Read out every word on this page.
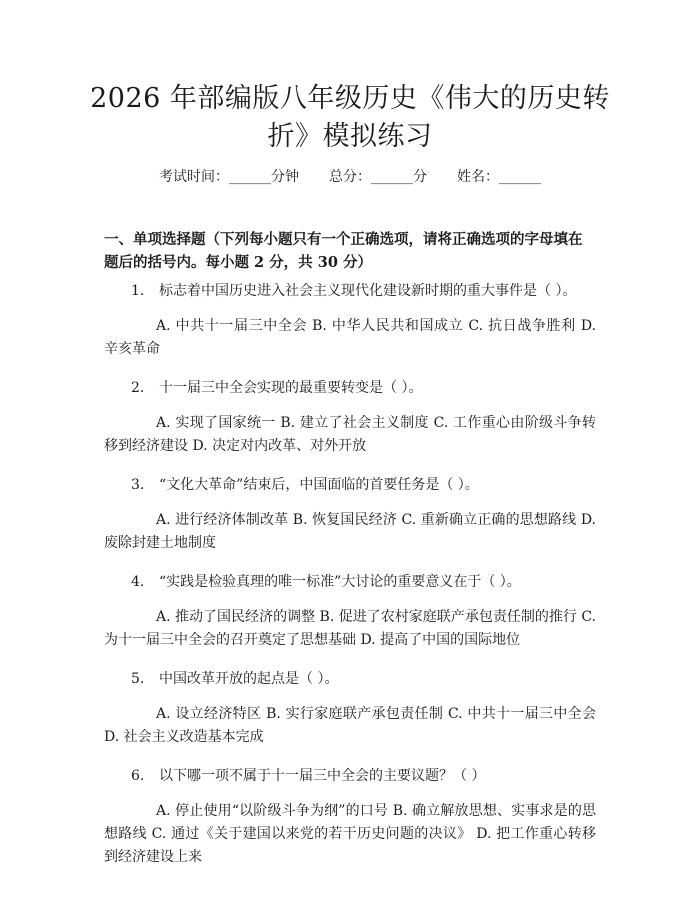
2026 年部编版八年级历史《伟大的历史转折》模拟练习
考试时间：______分钟 总分：______分 姓名：______
一、单项选择题（下列每小题只有一个正确选项，请将正确选项的字母填在题后的括号内。每小题 2 分，共 30 分）

1. 标志着中国历史进入社会主义现代化建设新时期的重大事件是（ ）。

A. 中共十一届三中全会 B. 中华人民共和国成立 C. 抗日战争胜利 D. 辛亥革命

2. 十一届三中全会实现的最重要转变是（ ）。

A. 实现了国家统一 B. 建立了社会主义制度 C. 工作重心由阶级斗争转移到经济建设 D. 决定对内改革、对外开放

3. “文化大革命”结束后，中国面临的首要任务是（ ）。

A. 进行经济体制改革 B. 恢复国民经济 C. 重新确立正确的思想路线 D. 废除封建土地制度

4. “实践是检验真理的唯一标准”大讨论的重要意义在于（ ）。

A. 推动了国民经济的调整 B. 促进了农村家庭联产承包责任制的推行 C. 为十一届三中全会的召开奠定了思想基础 D. 提高了中国的国际地位

5. 中国改革开放的起点是（ ）。

A. 设立经济特区 B. 实行家庭联产承包责任制 C. 中共十一届三中全会 D. 社会主义改造基本完成

6. 以下哪一项不属于十一届三中全会的主要议题？（ ）

A. 停止使用“以阶级斗争为纲”的口号 B. 确立解放思想、实事求是的思想路线 C. 通过《关于建国以来党的若干历史问题的决议》 D. 把工作重心转移到经济建设上来
